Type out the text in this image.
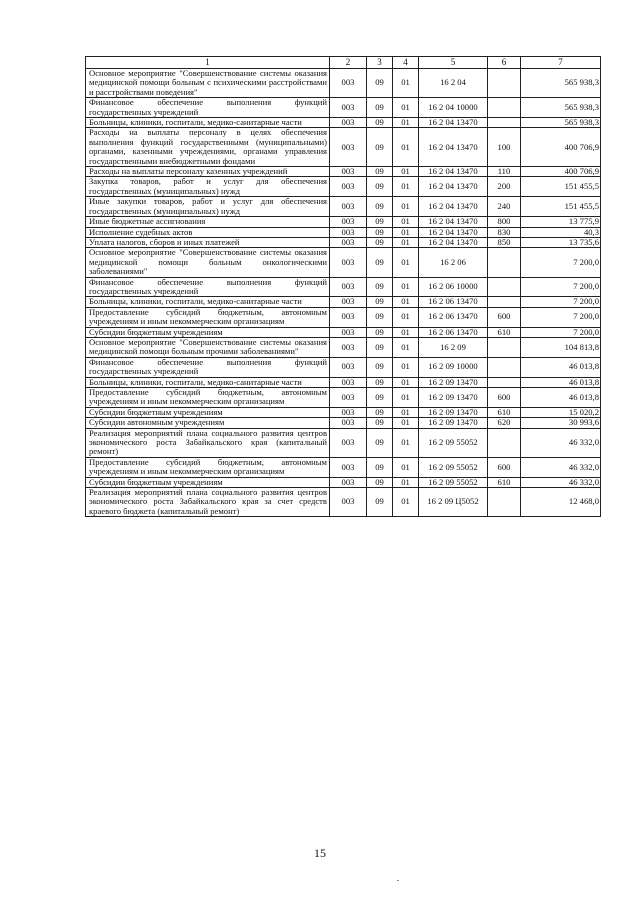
1	2	3	4	5	6	7
Основное мероприятие "Совершенствование системы оказания медицинской помощи больным с психическими расстройствами и расстройствами поведения"	003	09	01	16 2 04		565 938,3
Финансовое обеспечение выполнения функций государственных учреждений	003	09	01	16 2 04 10000		565 938,3
Больницы, клиники, госпитали, медико-санитарные части	003	09	01	16 2 04 13470		565 938,3
Расходы на выплаты персоналу в целях обеспечения выполнения функций государственными (муниципальными) органами, казенными учреждениями, органами управления государственными внебюджетными фондами	003	09	01	16 2 04 13470	100	400 706,9
Расходы на выплаты персоналу казенных учреждений	003	09	01	16 2 04 13470	110	400 706,9
Закупка товаров, работ и услуг для обеспечения государственных (муниципальных) нужд	003	09	01	16 2 04 13470	200	151 455,5
Иные закупки товаров, работ и услуг для обеспечения государственных (муниципальных) нужд	003	09	01	16 2 04 13470	240	151 455,5
Иные бюджетные ассигнования	003	09	01	16 2 04 13470	800	13 775,9
Исполнение судебных актов	003	09	01	16 2 04 13470	830	40,3
Уплата налогов, сборов и иных платежей	003	09	01	16 2 04 13470	850	13 735,6
Основное мероприятие "Совершенствование системы оказания медицинской помощи больным онкологическими заболеваниями"	003	09	01	16 2 06		7 200,0
Финансовое обеспечение выполнения функций государственных учреждений	003	09	01	16 2 06 10000		7 200,0
Больницы, клиники, госпитали, медико-санитарные части	003	09	01	16 2 06 13470		7 200,0
Предоставление субсидий бюджетным, автономным учреждениям и иным некоммерческим организациям	003	09	01	16 2 06 13470	600	7 200,0
Субсидии бюджетным учреждениям	003	09	01	16 2 06 13470	610	7 200,0
Основное мероприятие "Совершенствование системы оказания медицинской помощи больным прочими заболеваниями"	003	09	01	16 2 09		104 813,8
Финансовое обеспечение выполнения функций государственных учреждений	003	09	01	16 2 09 10000		46 013,8
Больницы, клиники, госпитали, медико-санитарные части	003	09	01	16 2 09 13470		46 013,8
Предоставление субсидий бюджетным, автономным учреждениям и иным некоммерческим организациям	003	09	01	16 2 09 13470	600	46 013,8
Субсидии бюджетным учреждениям	003	09	01	16 2 09 13470	610	15 020,2
Субсидии автономным учреждениям	003	09	01	16 2 09 13470	620	30 993,6
Реализация мероприятий плана социального развития центров экономического роста Забайкальского края (капитальный ремонт)	003	09	01	16 2 09 55052		46 332,0
Предоставление субсидий бюджетным, автономным учреждениям и иным некоммерческим организациям	003	09	01	16 2 09 55052	600	46 332,0
Субсидии бюджетным учреждениям	003	09	01	16 2 09 55052	610	46 332,0
Реализация мероприятий плана социального развития центров экономического роста Забайкальского края за счет средств краевого бюджета (капитальный ремонт)	003	09	01	16 2 09 Ц5052		12 468,0
15
